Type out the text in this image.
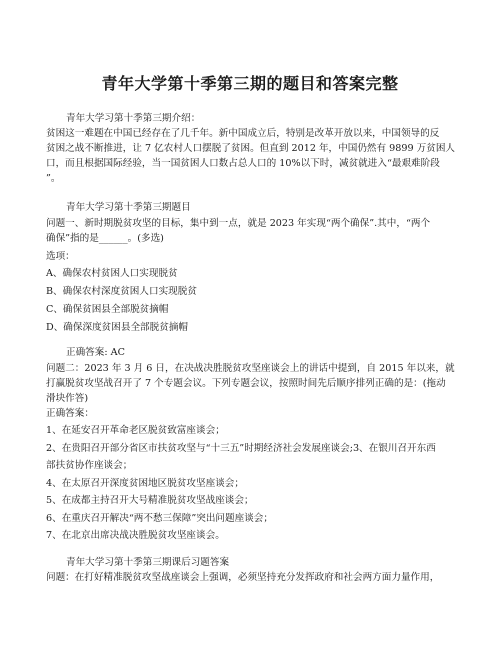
青年大学第十季第三期的题目和答案完整

青年大学习第十季第三期介绍：

贫困这一难题在中国已经存在了几千年。新中国成立后，特别是改革开放以来，中国领导的反

贫困之战不断推进，让 7 亿农村人口摆脱了贫困。但直到 2012 年，中国仍然有 9899 万贫困人

口，而且根据国际经验，当一国贫困人口数占总人口的 10%以下时，减贫就进入“最艰难阶段

”。

青年大学习第十季第三期题目

问题一、新时期脱贫攻坚的目标，集中到一点，就是 2023 年实现“两个确保”.其中，“两个

确保”指的是______。(多选)

选项：

A、确保农村贫困人口实现脱贫

B、确保农村深度贫困人口实现脱贫

C、确保贫困县全部脱贫摘帽

D、确保深度贫困县全部脱贫摘帽

正确答案: AC

问题二：2023 年 3 月 6 日，在决战决胜脱贫攻坚座谈会上的讲话中提到，自 2015 年以来，就

打赢脱贫攻坚战召开了 7 个专题会议。下列专题会议，按照时间先后顺序排列正确的是：(拖动

滑块作答)

正确答案：

1、在延安召开革命老区脱贫致富座谈会；

2、在贵阳召开部分省区市扶贫攻坚与“十三五”时期经济社会发展座谈会;3、在银川召开东西

部扶贫协作座谈会；

4、在太原召开深度贫困地区脱贫攻坚座谈会；

5、在成都主持召开大号精准脱贫攻坚战座谈会；

6、在重庆召开解决“两不愁三保障”突出问题座谈会；

7、在北京出席决战决胜脱贫攻坚座谈会。

青年大学习第十季第三期课后习题答案

问题：在打好精准脱贫攻坚战座谈会上强调，必须坚持充分发挥政府和社会两方面力量作用，
